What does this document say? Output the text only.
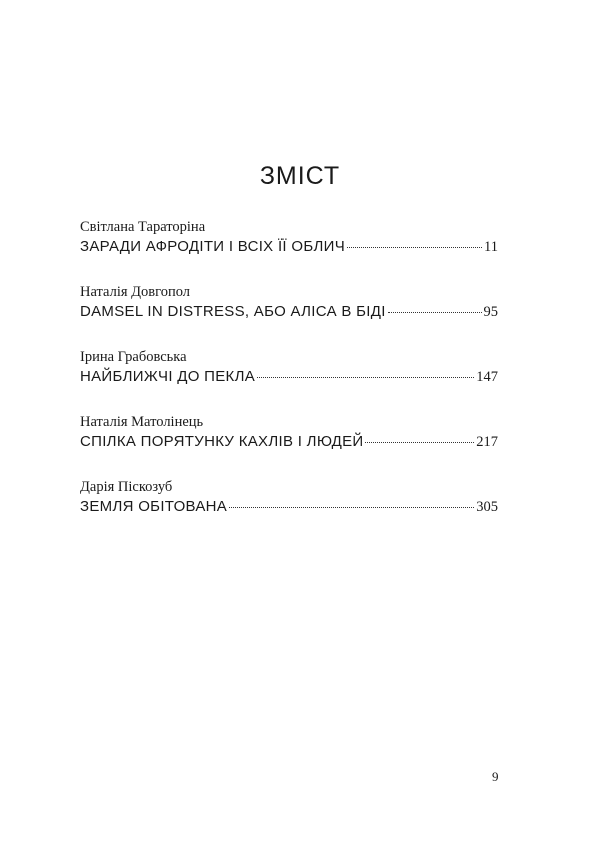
ЗМІСТ
Світлана Тараторіна
ЗАРАДИ АФРОДІТИ І ВСІХ ЇЇ ОБЛИЧ	11
Наталія Довгопол
DAMSEL IN DISTRESS, АБО АЛІСА В БІДІ	95
Ірина Грабовська
НАЙБЛИЖЧІ ДО ПЕКЛА	147
Наталія Матолінець
СПІЛКА ПОРЯТУНКУ КАХЛІВ І ЛЮДЕЙ	217
Дарія Піскозуб
ЗЕМЛЯ ОБІТОВАНА	305
9
